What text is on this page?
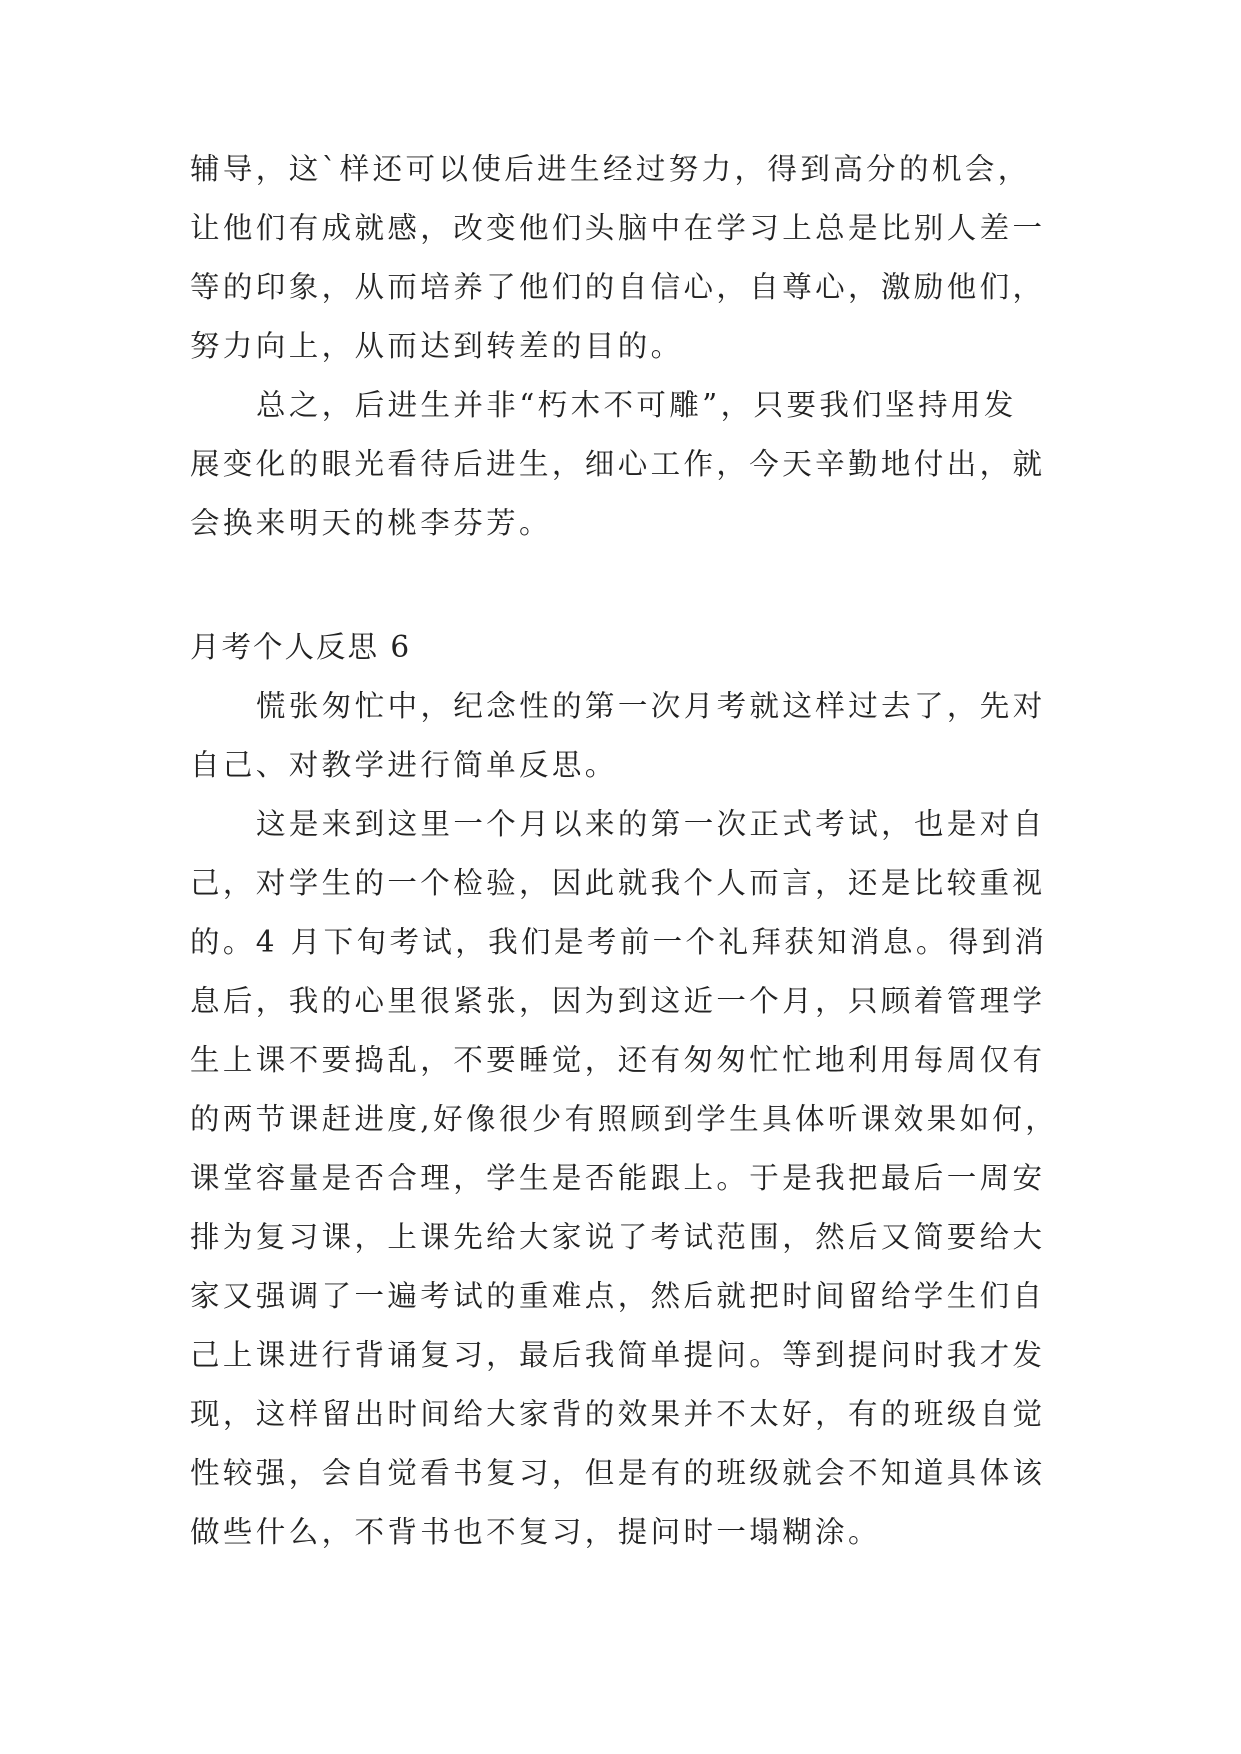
辅导，这`样还可以使后进生经过努力，得到高分的机会，
让他们有成就感，改变他们头脑中在学习上总是比别人差一
等的印象，从而培养了他们的自信心，自尊心，激励他们，
努力向上，从而达到转差的目的。
总之，后进生并非“朽木不可雕”，只要我们坚持用发
展变化的眼光看待后进生，细心工作，今天辛勤地付出，就
会换来明天的桃李芬芳。
月考个人反思 6
慌张匆忙中，纪念性的第一次月考就这样过去了，先对
自己、对教学进行简单反思。
这是来到这里一个月以来的第一次正式考试，也是对自
己，对学生的一个检验，因此就我个人而言，还是比较重视
的。4 月下旬考试，我们是考前一个礼拜获知消息。得到消
息后，我的心里很紧张，因为到这近一个月，只顾着管理学
生上课不要捣乱，不要睡觉，还有匆匆忙忙地利用每周仅有
的两节课赶进度,好像很少有照顾到学生具体听课效果如何，
课堂容量是否合理，学生是否能跟上。于是我把最后一周安
排为复习课，上课先给大家说了考试范围，然后又简要给大
家又强调了一遍考试的重难点，然后就把时间留给学生们自
己上课进行背诵复习，最后我简单提问。等到提问时我才发
现，这样留出时间给大家背的效果并不太好，有的班级自觉
性较强，会自觉看书复习，但是有的班级就会不知道具体该
做些什么，不背书也不复习，提问时一塌糊涂。
